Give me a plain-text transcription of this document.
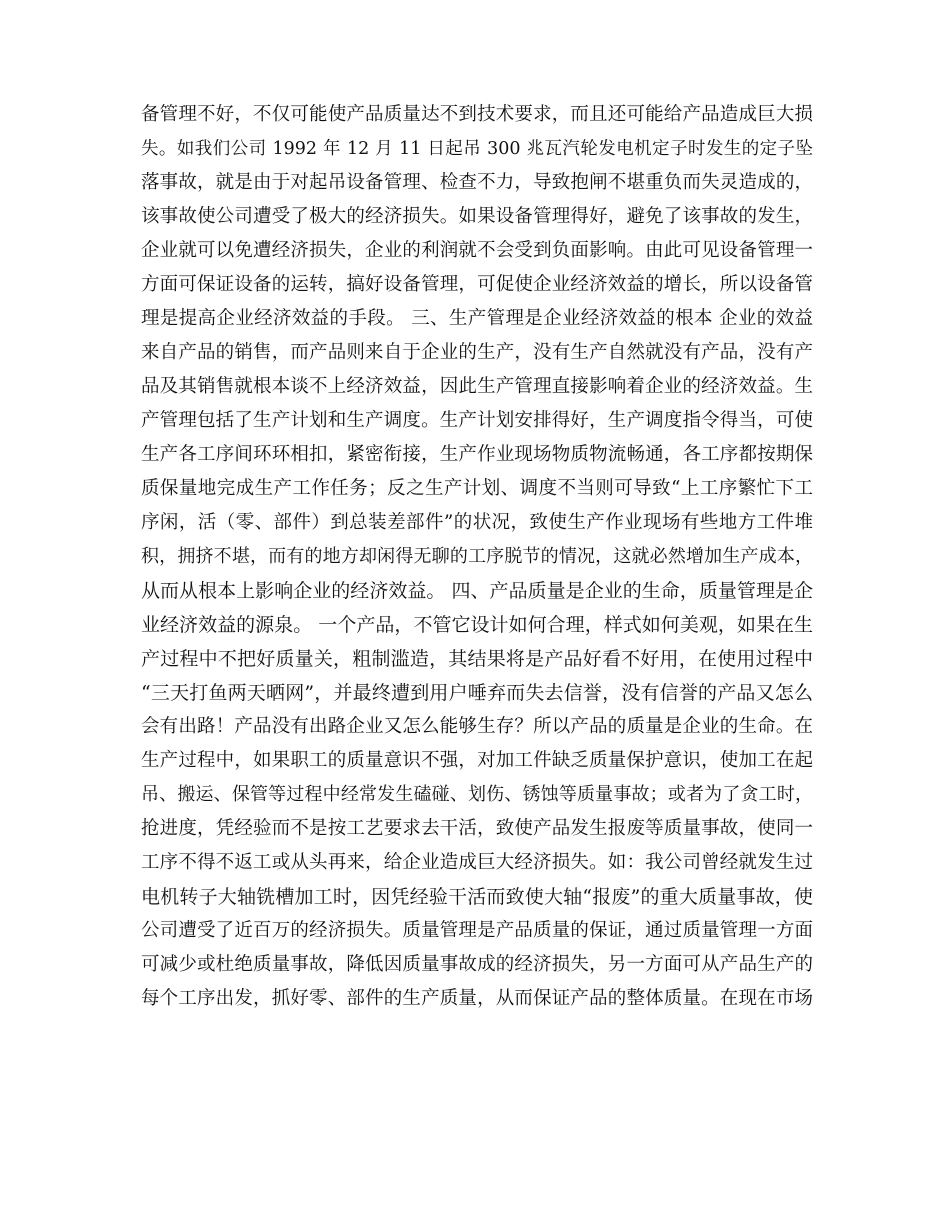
备管理不好，不仅可能使产品质量达不到技术要求，而且还可能给产品造成巨大损
失。如我们公司 1992 年 12 月 11 日起吊 300 兆瓦汽轮发电机定子时发生的定子坠
落事故，就是由于对起吊设备管理、检查不力，导致抱闸不堪重负而失灵造成的，
该事故使公司遭受了极大的经济损失。如果设备管理得好，避免了该事故的发生，
企业就可以免遭经济损失，企业的利润就不会受到负面影响。由此可见设备管理一
方面可保证设备的运转，搞好设备管理，可促使企业经济效益的增长，所以设备管
理是提高企业经济效益的手段。 三、生产管理是企业经济效益的根本 企业的效益
来自产品的销售，而产品则来自于企业的生产，没有生产自然就没有产品，没有产
品及其销售就根本谈不上经济效益，因此生产管理直接影响着企业的经济效益。生
产管理包括了生产计划和生产调度。生产计划安排得好，生产调度指令得当，可使
生产各工序间环环相扣，紧密衔接，生产作业现场物质物流畅通，各工序都按期保
质保量地完成生产工作任务；反之生产计划、调度不当则可导致“上工序繁忙下工
序闲，活（零、部件）到总装差部件”的状况，致使生产作业现场有些地方工件堆
积，拥挤不堪，而有的地方却闲得无聊的工序脱节的情况，这就必然增加生产成本，
从而从根本上影响企业的经济效益。 四、产品质量是企业的生命，质量管理是企
业经济效益的源泉。 一个产品，不管它设计如何合理，样式如何美观，如果在生
产过程中不把好质量关，粗制滥造，其结果将是产品好看不好用，在使用过程中
“三天打鱼两天晒网”，并最终遭到用户唾弃而失去信誉，没有信誉的产品又怎么
会有出路！产品没有出路企业又怎么能够生存？所以产品的质量是企业的生命。在
生产过程中，如果职工的质量意识不强，对加工件缺乏质量保护意识，使加工在起
吊、搬运、保管等过程中经常发生磕碰、划伤、锈蚀等质量事故；或者为了贪工时，
抢进度，凭经验而不是按工艺要求去干活，致使产品发生报废等质量事故，使同一
工序不得不返工或从头再来，给企业造成巨大经济损失。如：我公司曾经就发生过
电机转子大轴铣槽加工时，因凭经验干活而致使大轴“报废”的重大质量事故，使
公司遭受了近百万的经济损失。质量管理是产品质量的保证，通过质量管理一方面
可减少或杜绝质量事故，降低因质量事故成的经济损失，另一方面可从产品生产的
每个工序出发，抓好零、部件的生产质量，从而保证产品的整体质量。在现在市场
